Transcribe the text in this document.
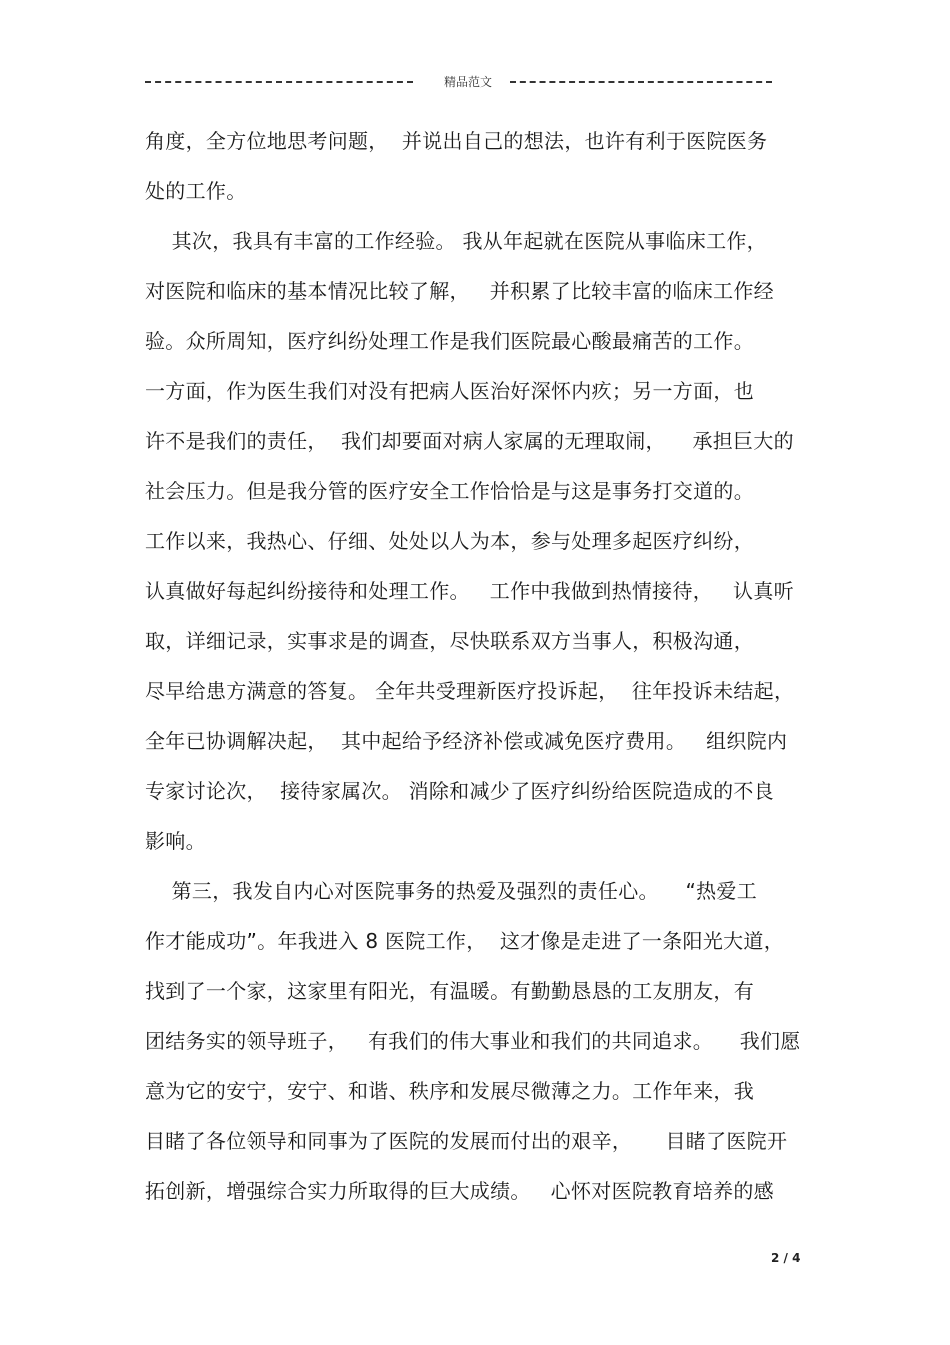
精品范文
角度，全方位地思考问题，  并说出自己的想法，也许有利于医院医务
处的工作。
其次，我具有丰富的工作经验。 我从年起就在医院从事临床工作，
对医院和临床的基本情况比较了解，   并积累了比较丰富的临床工作经
验。众所周知，医疗纠纷处理工作是我们医院最心酸最痛苦的工作。
一方面，作为医生我们对没有把病人医治好深怀内疚；另一方面，也
许不是我们的责任，  我们却要面对病人家属的无理取闹，    承担巨大的
社会压力。但是我分管的医疗安全工作恰恰是与这是事务打交道的。
工作以来，我热心、仔细、处处以人为本，参与处理多起医疗纠纷，
认真做好每起纠纷接待和处理工作。   工作中我做到热情接待，   认真听
取，详细记录，实事求是的调查，尽快联系双方当事人，积极沟通，
尽早给患方满意的答复。 全年共受理新医疗投诉起，  往年投诉未结起，
全年已协调解决起，  其中起给予经济补偿或减免医疗费用。   组织院内
专家讨论次，  接待家属次。 消除和减少了医疗纠纷给医院造成的不良
影响。
第三，我发自内心对医院事务的热爱及强烈的责任心。    “热爱工
作才能成功”。年我进入 8 医院工作，  这才像是走进了一条阳光大道，
找到了一个家，这家里有阳光，有温暖。有勤勤恳恳的工友朋友，有
团结务实的领导班子，   有我们的伟大事业和我们的共同追求。    我们愿
意为它的安宁，安宁、和谐、秩序和发展尽微薄之力。工作年来，我
目睹了各位领导和同事为了医院的发展而付出的艰辛，     目睹了医院开
拓创新，增强综合实力所取得的巨大成绩。   心怀对医院教育培养的感
2 / 4
